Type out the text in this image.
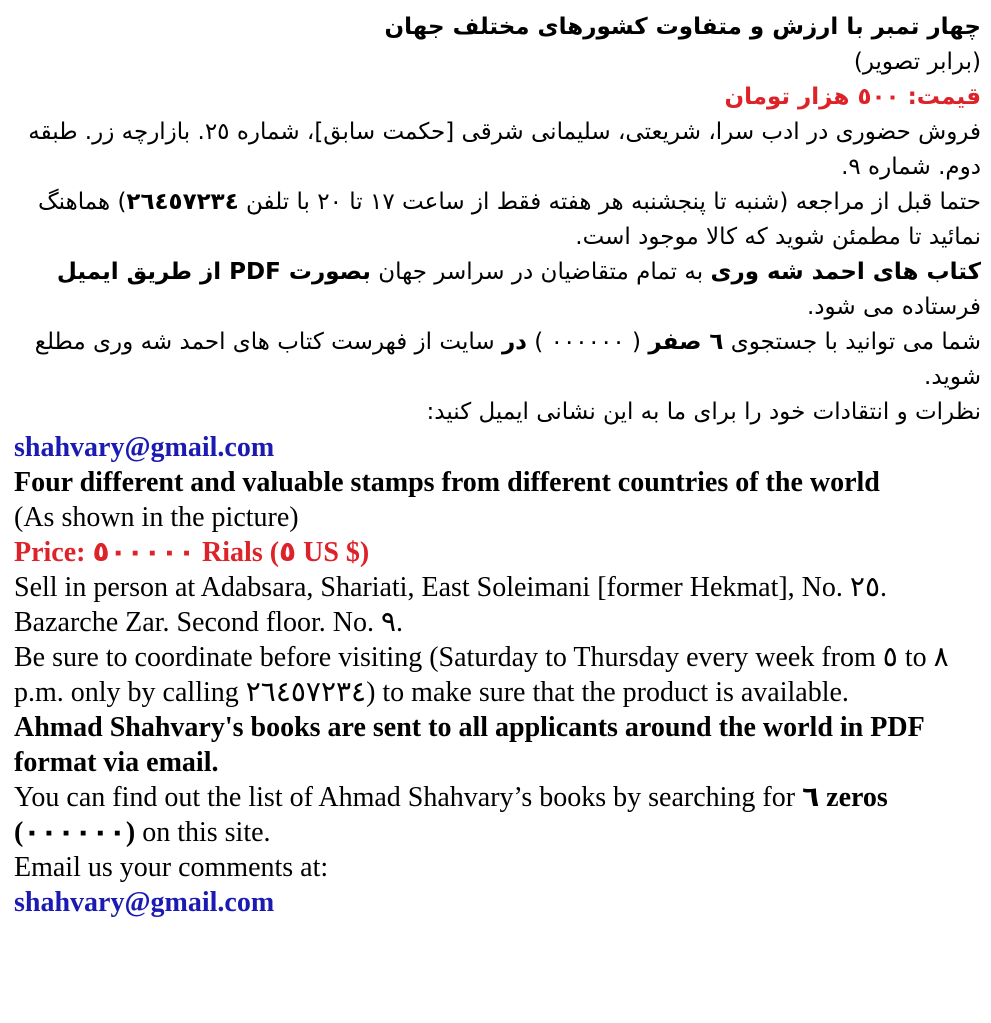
چهار تمبر با ارزش و متفاوت کشورهای مختلف جهان

(برابر تصویر)

قیمت: ٥٠٠ هزار تومان

فروش حضوری در ادب سرا، شریعتی، سلیمانی شرقی [حکمت سابق]، شماره ٢٥. بازارچه زر. طبقه دوم. شماره ٩.

حتما قبل از مراجعه (شنبه تا پنجشنبه هر هفته فقط از ساعت ١٧ تا ٢٠ با تلفن ٢٦٤٥٧٢٣٤) هماهنگ نمائید تا مطمئن شوید که کالا موجود است.

کتاب های احمد شه وری به تمام متقاضیان در سراسر جهان بصورت PDF از طریق ایمیل فرستاده می شود.

شما می توانید با جستجوی ٦ صفر ( ٠٠٠٠٠٠ ) در سایت از فهرست کتاب های احمد شه وری مطلع شوید.

نظرات و انتقادات خود را برای ما به این نشانی ایمیل کنید:

shahvary@gmail.com

Four different and valuable stamps from different countries of the world

(As shown in the picture)

Price: ٥٠٠٠٠٠ Rials (٥ US $)

Sell in person at Adabsara, Shariati, East Soleimani [former Hekmat], No. ٢٥. Bazarche Zar. Second floor. No. ٩.

Be sure to coordinate before visiting (Saturday to Thursday every week from ٥ to ٨ p.m. only by calling ٢٦٤٥٧٢٣٤) to make sure that the product is available.

Ahmad Shahvary's books are sent to all applicants around the world in PDF format via email.

You can find out the list of Ahmad Shahvary’s books by searching for ٦ zeros (٠٠٠٠٠٠) on this site.

Email us your comments at:

shahvary@gmail.com
